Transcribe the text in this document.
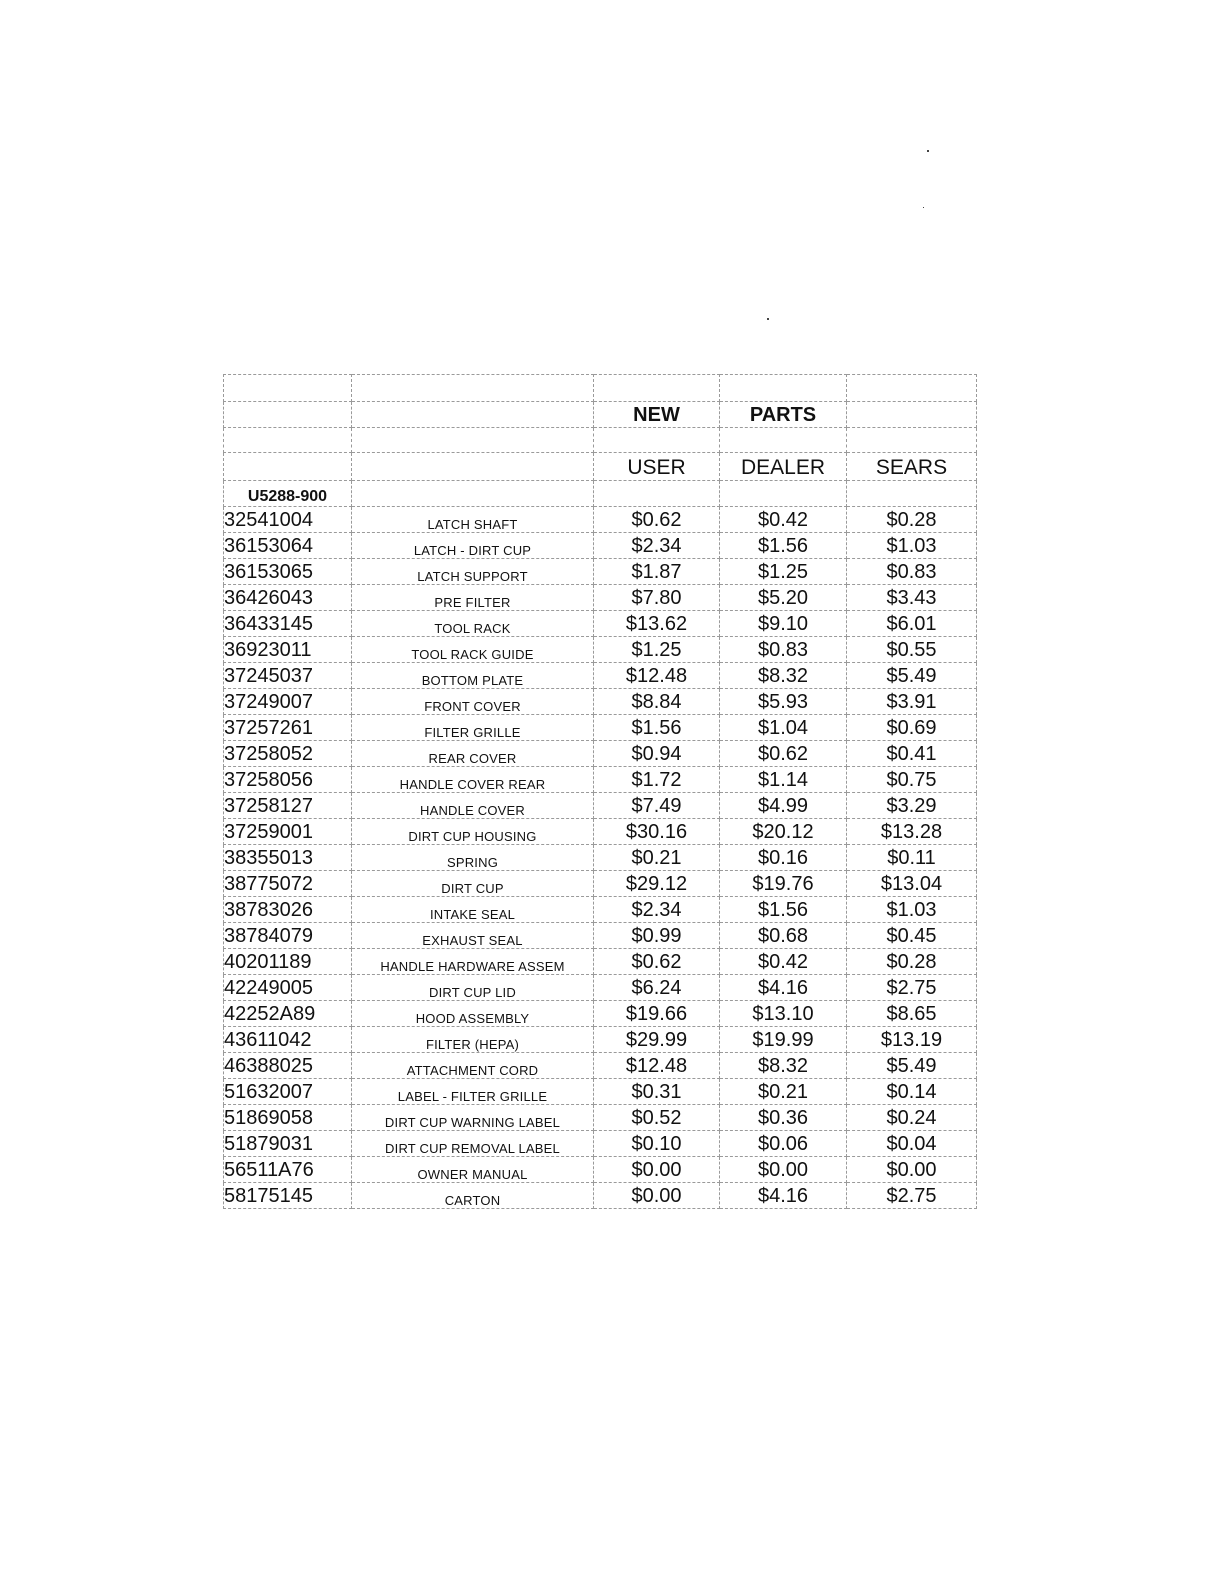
		NEW	PARTS	

		USER	DEALER	SEARS
U5288-900				
32541004	LATCH SHAFT	$0.62	$0.42	$0.28
36153064	LATCH - DIRT CUP	$2.34	$1.56	$1.03
36153065	LATCH SUPPORT	$1.87	$1.25	$0.83
36426043	PRE FILTER	$7.80	$5.20	$3.43
36433145	TOOL RACK	$13.62	$9.10	$6.01
36923011	TOOL RACK GUIDE	$1.25	$0.83	$0.55
37245037	BOTTOM PLATE	$12.48	$8.32	$5.49
37249007	FRONT COVER	$8.84	$5.93	$3.91
37257261	FILTER GRILLE	$1.56	$1.04	$0.69
37258052	REAR COVER	$0.94	$0.62	$0.41
37258056	HANDLE COVER REAR	$1.72	$1.14	$0.75
37258127	HANDLE COVER	$7.49	$4.99	$3.29
37259001	DIRT CUP HOUSING	$30.16	$20.12	$13.28
38355013	SPRING	$0.21	$0.16	$0.11
38775072	DIRT CUP	$29.12	$19.76	$13.04
38783026	INTAKE SEAL	$2.34	$1.56	$1.03
38784079	EXHAUST SEAL	$0.99	$0.68	$0.45
40201189	HANDLE HARDWARE ASSEM	$0.62	$0.42	$0.28
42249005	DIRT CUP LID	$6.24	$4.16	$2.75
42252A89	HOOD ASSEMBLY	$19.66	$13.10	$8.65
43611042	FILTER (HEPA)	$29.99	$19.99	$13.19
46388025	ATTACHMENT CORD	$12.48	$8.32	$5.49
51632007	LABEL - FILTER GRILLE	$0.31	$0.21	$0.14
51869058	DIRT CUP WARNING LABEL	$0.52	$0.36	$0.24
51879031	DIRT CUP REMOVAL LABEL	$0.10	$0.06	$0.04
56511A76	OWNER MANUAL	$0.00	$0.00	$0.00
58175145	CARTON	$0.00	$4.16	$2.75
